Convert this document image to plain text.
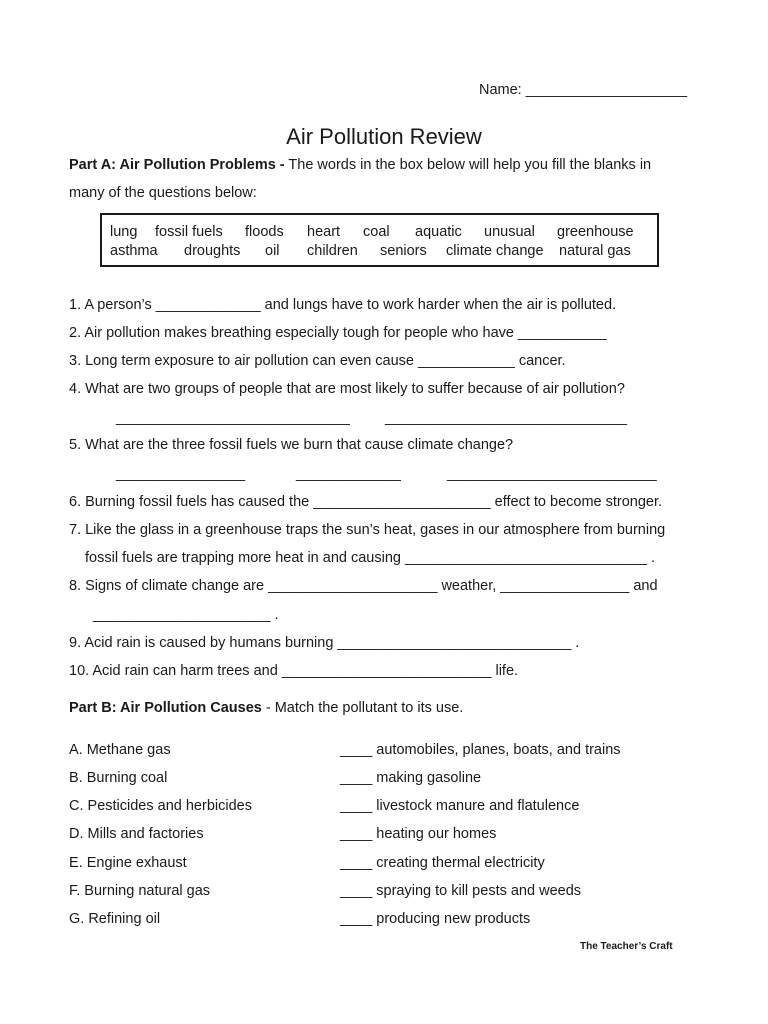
Name: ____________________
Air Pollution Review
Part A: Air Pollution Problems - The words in the box below will help you fill the blanks in
many of the questions below:
lung fossil fuels floods heart coal aquatic unusual greenhouse
asthma droughts oil children seniors climate change natural gas
1. A person’s _____________ and lungs have to work harder when the air is polluted.
2. Air pollution makes breathing especially tough for people who have ___________
3. Long term exposure to air pollution can even cause ____________ cancer.
4. What are two groups of people that are most likely to suffer because of air pollution?
_____________________________ ______________________________
5. What are the three fossil fuels we burn that cause climate change?
________________	_____________	__________________________
6. Burning fossil fuels has caused the ______________________ effect to become stronger.
7. Like the glass in a greenhouse traps the sun’s heat, gases in our atmosphere from burning
fossil fuels are trapping more heat in and causing ______________________________ .
8. Signs of climate change are _____________________ weather, ________________ and
______________________ .
9. Acid rain is caused by humans burning _____________________________ .
10. Acid rain can harm trees and __________________________ life.
Part B: Air Pollution Causes - Match the pollutant to its use.
A. Methane gas
B. Burning coal
C. Pesticides and herbicides
D. Mills and factories
E. Engine exhaust
F. Burning natural gas
G. Refining oil
____ automobiles, planes, boats, and trains
____ making gasoline
____ livestock manure and flatulence
____ heating our homes
____ creating thermal electricity
____ spraying to kill pests and weeds
____ producing new products
The Teacher’s Craft
